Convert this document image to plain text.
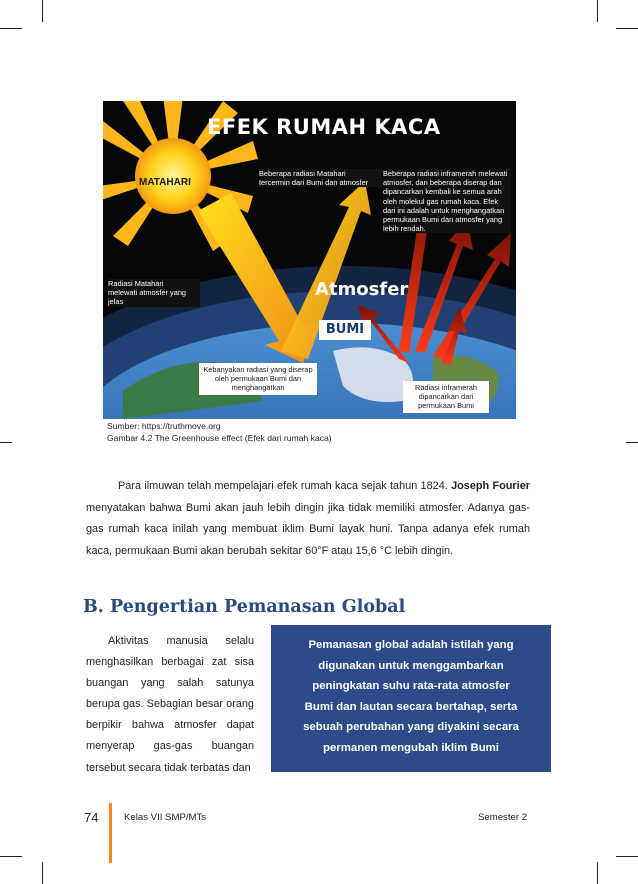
EFEK RUMAH KACA
MATAHARI
Atmosfer
BUMI
Beberapa radiasi Matahari
tercermin dari Bumi dan atmosfer
Beberapa radiasi inframerah melewati
atmosfer, dan beberapa diserap dan
dipancarkan kembali ke semua arah
oleh molekul gas rumah kaca. Efek
dari ini adalah untuk menghangatkan
permukaan Bumi dan atmosfer yang
lebih rendah.
Radiasi Matahari
melewati atmosfer yang
jelas
Kebanyakan radiasi yang diserap
oleh permukaan Bumi dan
menghangatkan	Radiasi inframerah
dipancarkan dari
permukaan Bumi
Sumber: https://truthmove.org
Gambar 4.2 The Greenhouse effect (Efek dari rumah kaca)

Para ilmuwan telah mempelajari efek rumah kaca sejak tahun 1824. Joseph Fourier menyatakan bahwa Bumi akan jauh lebih dingin jika tidak memiliki atmosfer. Adanya gas-gas rumah kaca inilah yang membuat iklim Bumi layak huni. Tanpa adanya efek rumah kaca, permukaan Bumi akan berubah sekitar 60°F atau 15,6 °C lebih dingin.

B. Pengertian Pemanasan Global
Aktivitas manusia selalu menghasilkan berbagai zat sisa buangan yang salah satunya berupa gas. Sebagian besar orang berpikir bahwa atmosfer dapat menyerap gas-gas buangan tersebut secara tidak terbatas dan
Pemanasan global adalah istilah yang
digunakan untuk menggambarkan
peningkatan suhu rata-rata atmosfer
Bumi dan lautan secara bertahap, serta
sebuah perubahan yang diyakini secara
permanen mengubah iklim Bumi
74	Kelas VII SMP/MTs	Semester 2
